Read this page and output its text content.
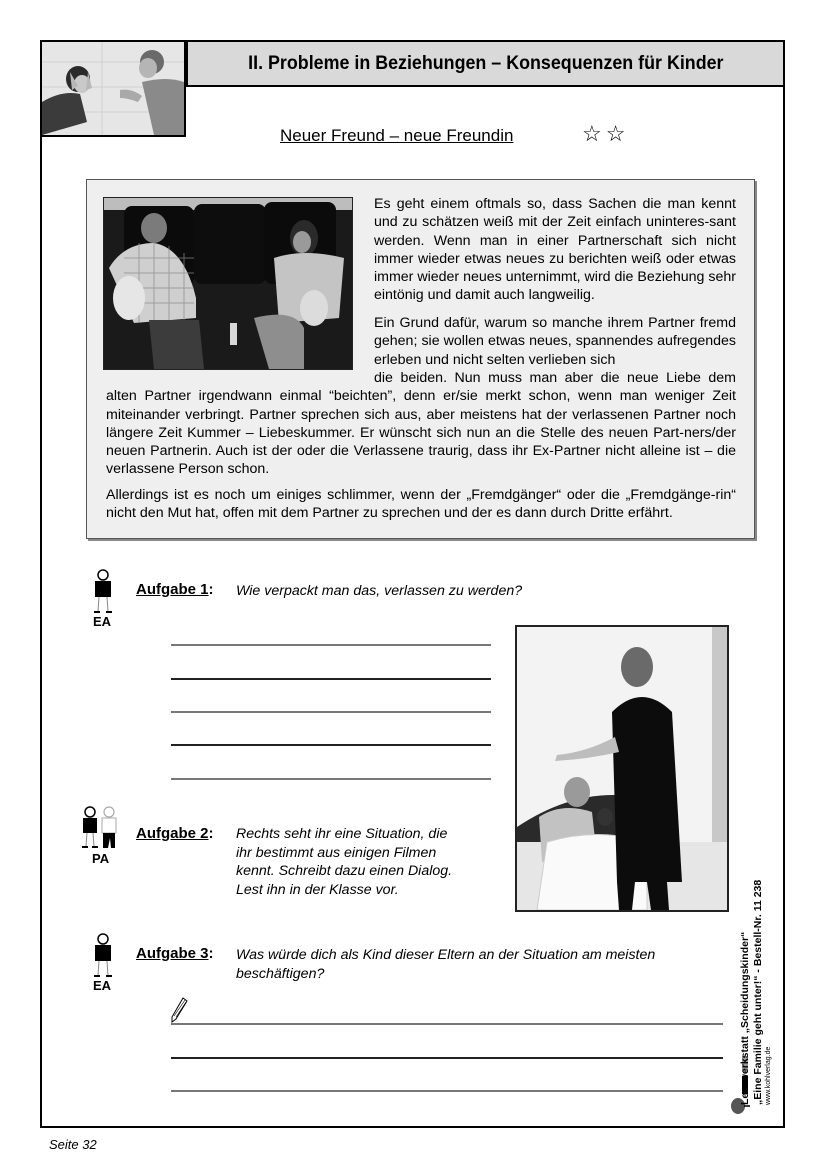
II. Probleme in Beziehungen – Konsequenzen für Kinder
Neuer Freund – neue Freundin	☆☆

Es geht einem oftmals so, dass Sachen die man kennt und zu schätzen weiß mit der Zeit einfach uninteres-sant werden. Wenn man in einer Partnerschaft sich nicht immer wieder etwas neues zu berichten weiß oder etwas immer wieder neues unternimmt, wird die Beziehung sehr eintönig und damit auch langweilig.

Ein Grund dafür, warum so manche ihrem Partner fremd gehen; sie wollen etwas neues, spannendes aufregendes erleben und nicht selten verlieben sich

die beiden. Nun muss man aber die neue Liebe dem alten Partner irgendwann einmal “beichten”, denn er/sie merkt schon, wenn man weniger Zeit miteinander verbringt. Partner sprechen sich aus, aber meistens hat der verlassenen Partner noch längere Zeit Kummer – Liebeskummer. Er wünscht sich nun an die Stelle des neuen Part-ners/der neuen Partnerin. Auch ist der oder die Verlassene traurig, dass ihr Ex-Partner nicht alleine ist – die verlassene Person schon.

Allerdings ist es noch um einiges schlimmer, wenn der „Fremdgänger“ oder die „Fremdgänge-rin“ nicht den Mut hat, offen mit dem Partner zu sprechen und der es dann durch Dritte erfährt.

EA
Aufgabe 1: Wie verpackt man das, verlassen zu werden?
PA
Aufgabe 2: Rechts seht ihr eine Situation, die
ihr bestimmt aus einigen Filmen
kennt. Schreibt dazu einen Dialog.
Lest ihn in der Klasse vor.
EA
Aufgabe 3: Was würde dich als Kind dieser Eltern an der Situation am meisten
beschäftigen?	Lernwerkstatt „Scheidungskinder“ „Eine Familie geht unter!“ - Bestell-Nr. 11 238 www.kohlverlag.de
Seite 32
